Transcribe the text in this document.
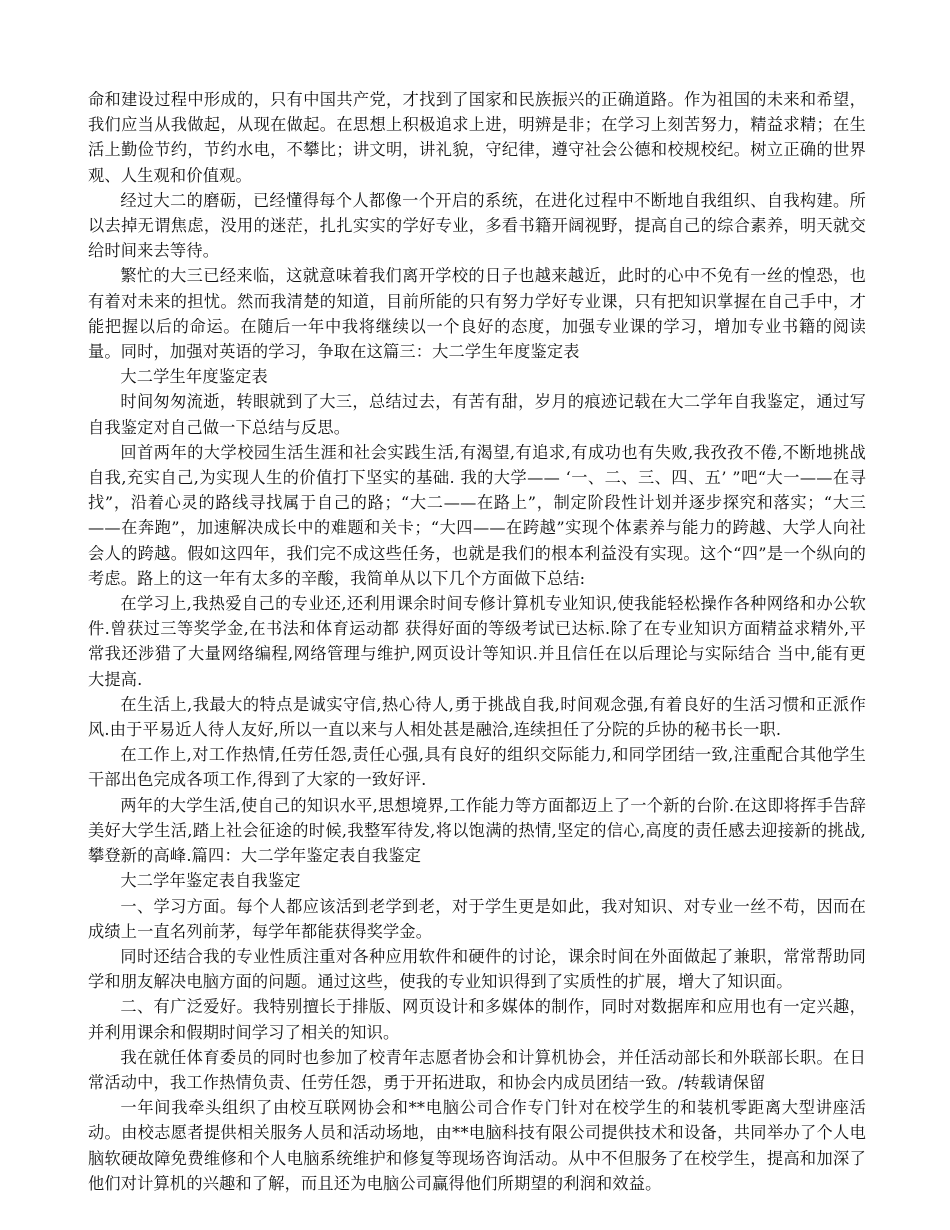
命和建设过程中形成的，只有中国共产党，才找到了国家和民族振兴的正确道路。作为祖国的未来和希望，我们应当从我做起，从现在做起。在思想上积极追求上进，明辨是非；在学习上刻苦努力，精益求精；在生活上勤俭节约，节约水电，不攀比；讲文明，讲礼貌，守纪律，遵守社会公德和校规校纪。树立正确的世界观、人生观和价值观。

经过大二的磨砺，已经懂得每个人都像一个开启的系统，在进化过程中不断地自我组织、自我构建。所以去掉无谓焦虑，没用的迷茫，扎扎实实的学好专业，多看书籍开阔视野，提高自己的综合素养，明天就交给时间来去等待。

繁忙的大三已经来临，这就意味着我们离开学校的日子也越来越近，此时的心中不免有一丝的惶恐，也有着对未来的担忧。然而我清楚的知道，目前所能的只有努力学好专业课，只有把知识掌握在自己手中，才能把握以后的命运。在随后一年中我将继续以一个良好的态度，加强专业课的学习，增加专业书籍的阅读量。同时，加强对英语的学习，争取在这篇三：大二学生年度鉴定表

大二学生年度鉴定表

时间匆匆流逝，转眼就到了大三，总结过去，有苦有甜，岁月的痕迹记载在大二学年自我鉴定，通过写自我鉴定对自己做一下总结与反思。

回首两年的大学校园生活生涯和社会实践生活,有渴望,有追求,有成功也有失败,我孜孜不倦,不断地挑战自我,充实自己,为实现人生的价值打下坚实的基础. 我的大学—— ‘一、二、三、四、五’ ”吧“大一——在寻找”，沿着心灵的路线寻找属于自己的路；“大二——在路上”，制定阶段性计划并逐步探究和落实；“大三——在奔跑”，加速解决成长中的难题和关卡；“大四——在跨越”实现个体素养与能力的跨越、大学人向社会人的跨越。假如这四年，我们完不成这些任务，也就是我们的根本利益没有实现。这个“四”是一个纵向的考虑。路上的这一年有太多的辛酸，我简单从以下几个方面做下总结:

在学习上,我热爱自己的专业还,还利用课余时间专修计算机专业知识,使我能轻松操作各种网络和办公软件.曾获过三等奖学金,在书法和体育运动都 获得好面的等级考试已达标.除了在专业知识方面精益求精外,平常我还涉猎了大量网络编程,网络管理与维护,网页设计等知识.并且信任在以后理论与实际结合 当中,能有更大提高.

在生活上,我最大的特点是诚实守信,热心待人,勇于挑战自我,时间观念强,有着良好的生活习惯和正派作风.由于平易近人待人友好,所以一直以来与人相处甚是融洽,连续担任了分院的乒协的秘书长一职.

在工作上,对工作热情,任劳任怨,责任心强,具有良好的组织交际能力,和同学团结一致,注重配合其他学生干部出色完成各项工作,得到了大家的一致好评.

两年的大学生活,使自己的知识水平,思想境界,工作能力等方面都迈上了一个新的台阶.在这即将挥手告辞美好大学生活,踏上社会征途的时候,我整军待发,将以饱满的热情,坚定的信心,高度的责任感去迎接新的挑战,攀登新的高峰.篇四：大二学年鉴定表自我鉴定

大二学年鉴定表自我鉴定

一、学习方面。每个人都应该活到老学到老，对于学生更是如此，我对知识、对专业一丝不苟，因而在成绩上一直名列前茅，每学年都能获得奖学金。

同时还结合我的专业性质注重对各种应用软件和硬件的讨论，课余时间在外面做起了兼职，常常帮助同学和朋友解决电脑方面的问题。通过这些，使我的专业知识得到了实质性的扩展，增大了知识面。

二、有广泛爱好。我特别擅长于排版、网页设计和多媒体的制作，同时对数据库和应用也有一定兴趣，并利用课余和假期时间学习了相关的知识。

我在就任体育委员的同时也参加了校青年志愿者协会和计算机协会，并任活动部长和外联部长职。在日常活动中，我工作热情负责、任劳任怨，勇于开拓进取，和协会内成员团结一致。/转载请保留

一年间我牵头组织了由校互联网协会和**电脑公司合作专门针对在校学生的和装机零距离大型讲座活动。由校志愿者提供相关服务人员和活动场地，由**电脑科技有限公司提供技术和设备，共同举办了个人电脑软硬故障免费维修和个人电脑系统维护和修复等现场咨询活动。从中不但服务了在校学生，提高和加深了他们对计算机的兴趣和了解，而且还为电脑公司赢得他们所期望的利润和效益。
